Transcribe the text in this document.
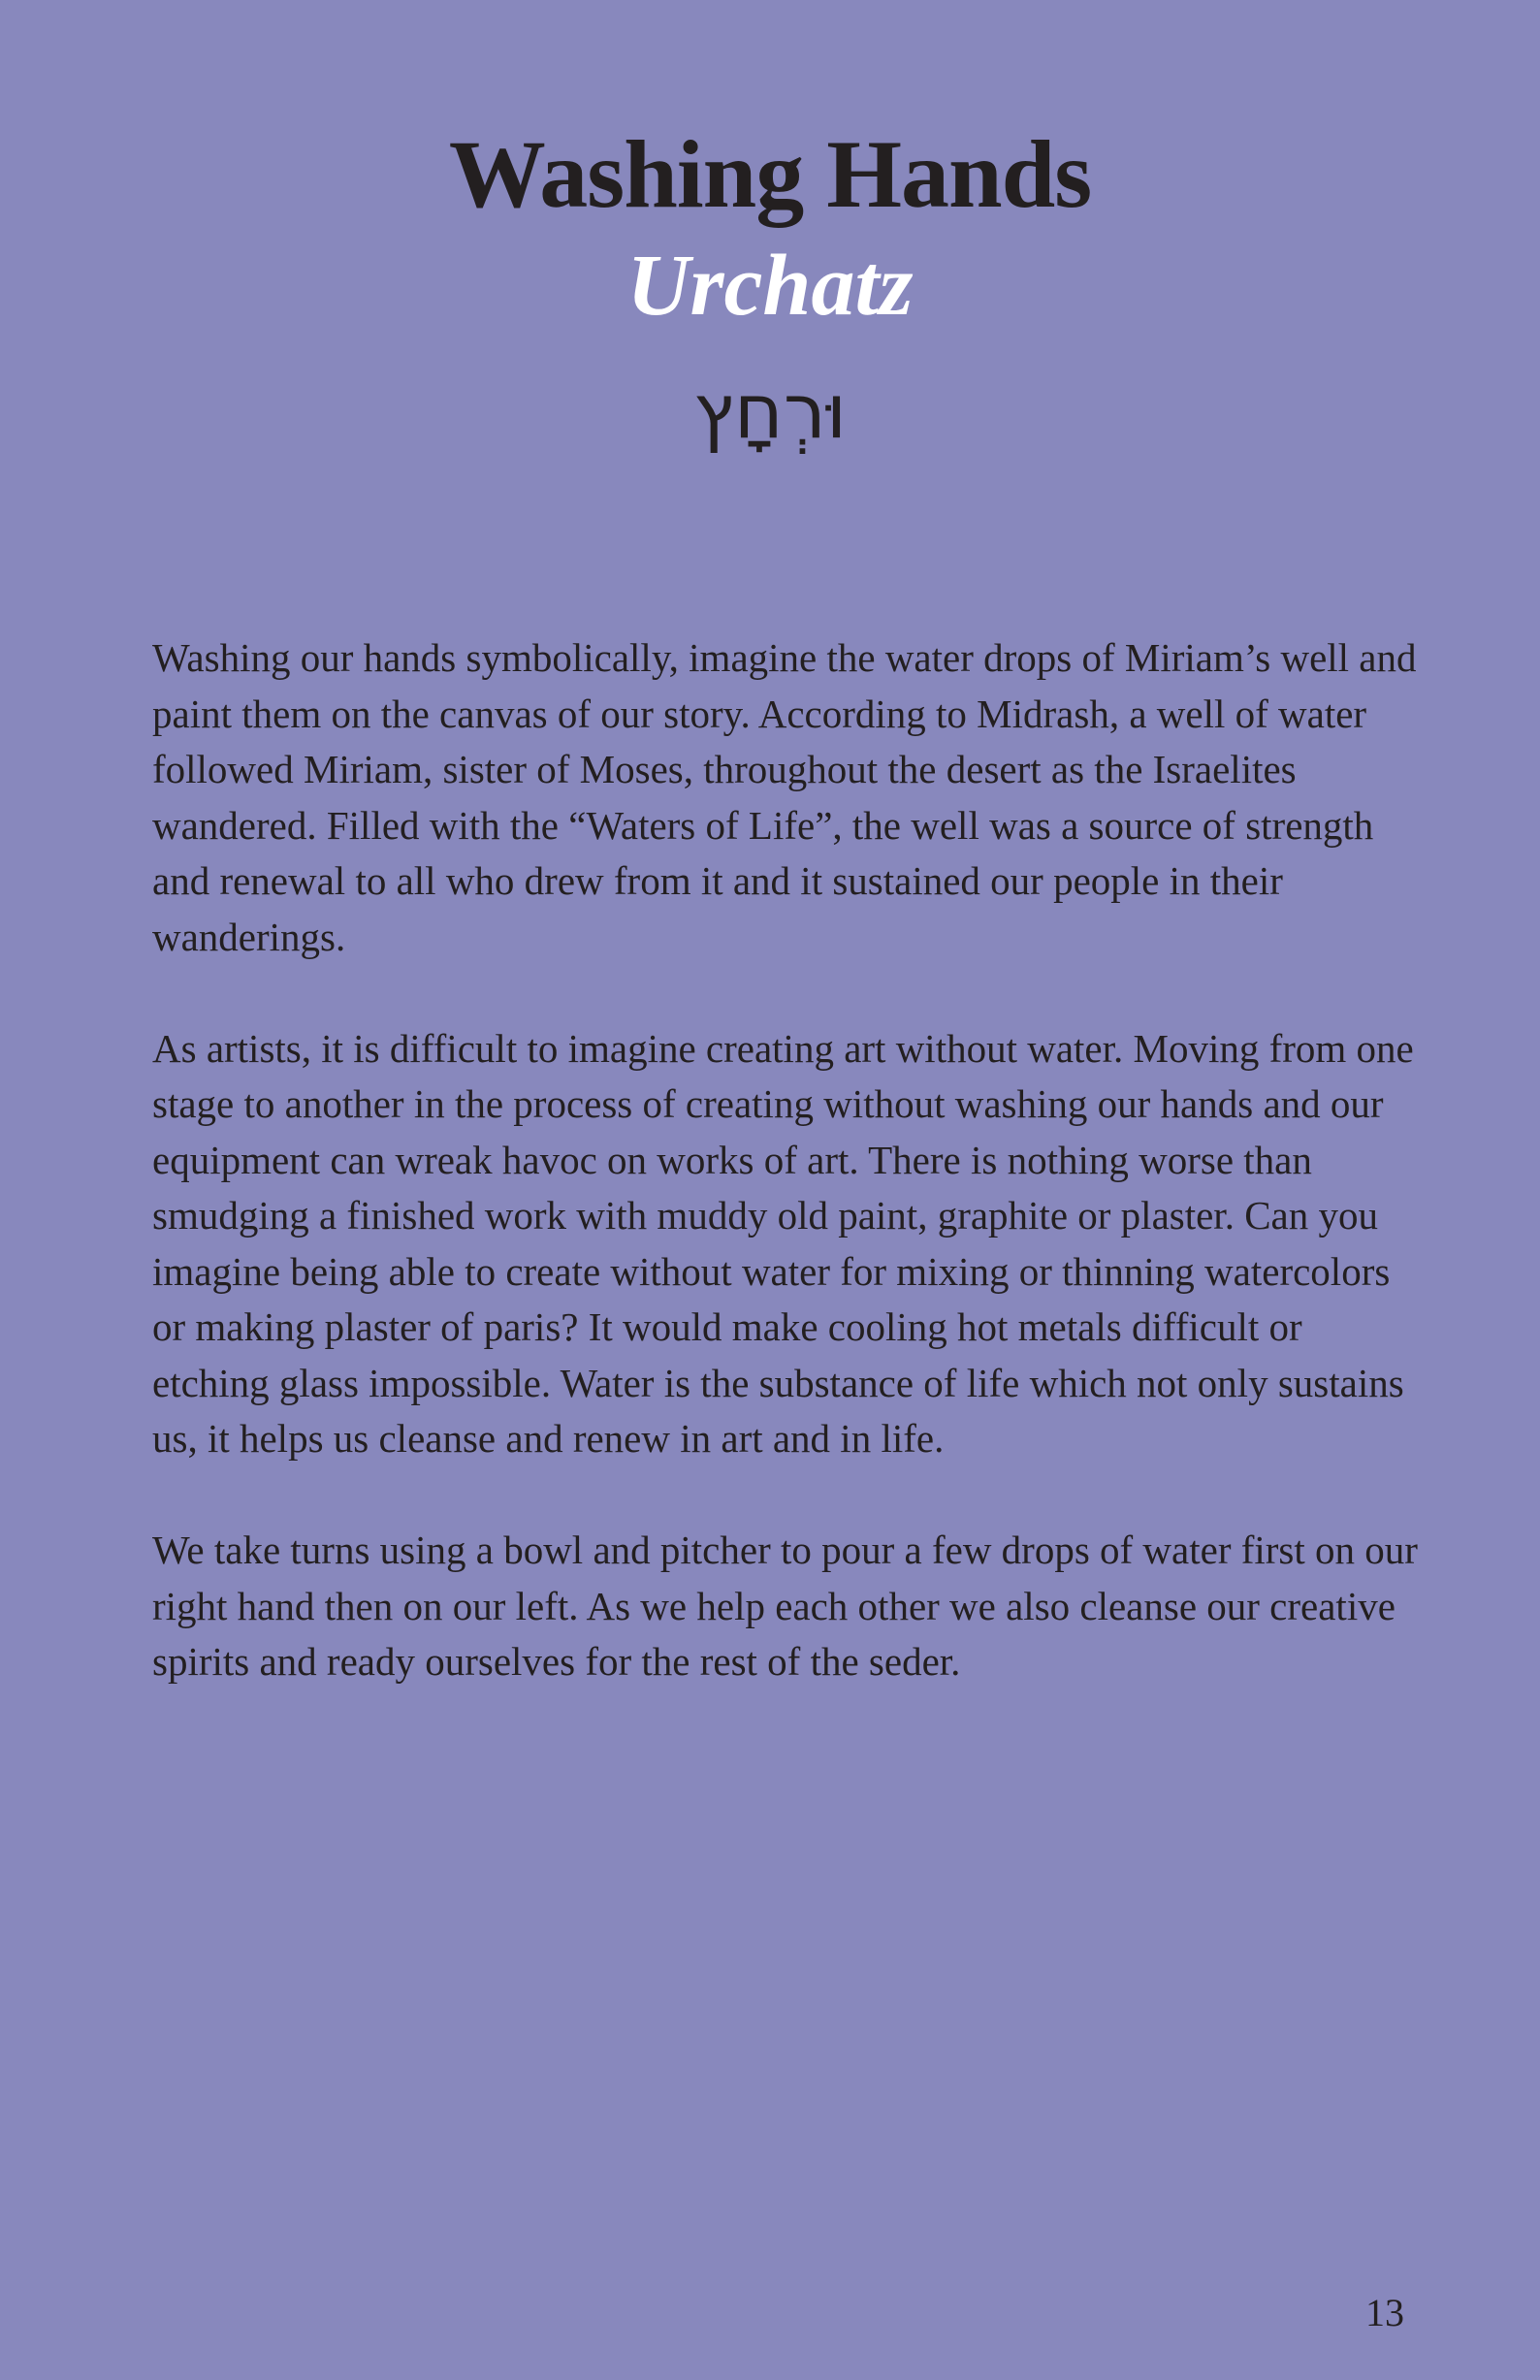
Washing Hands
Urchatz
וּרְחָץ

Washing our hands symbolically, imagine the water drops of Miriam’s well and paint them on the canvas of our story. According to Midrash, a well of water followed Miriam, sister of Moses, throughout the desert as the Israelites wandered. Filled with the “Waters of Life”, the well was a source of strength and renewal to all who drew from it and it sustained our people in their wanderings.

As artists, it is difficult to imagine creating art without water. Moving from one stage to another in the process of creating without washing our hands and our equipment can wreak havoc on works of art. There is nothing worse than smudging a finished work with muddy old paint, graphite or plaster. Can you imagine being able to create without water for mixing or thinning watercolors or making plaster of paris? It would make cooling hot metals difficult or etching glass impossible. Water is the substance of life which not only sustains us, it helps us cleanse and renew in art and in life.

We take turns using a bowl and pitcher to pour a few drops of water first on our right hand then on our left. As we help each other we also cleanse our creative spirits and ready ourselves for the rest of the seder.

13
